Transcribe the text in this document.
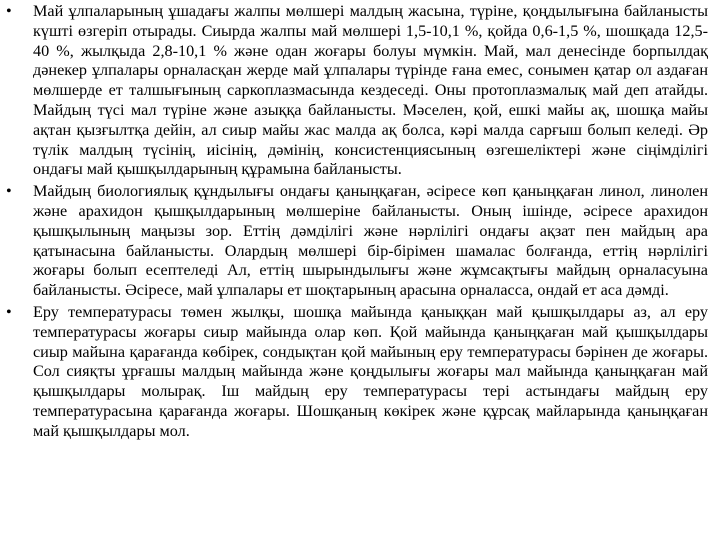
•	Май ұлпаларының ұшадағы жалпы мөлшері малдың жасына, түріне, қоңдылығына байланысты күшті өзгеріп отырады. Сиырда жалпы май мөлшері 1,5-10,1 %, қойда 0,6-1,5 %, шошқада 12,5-40 %, жылқыда 2,8-10,1 % және одан жоғары болуы мүмкін. Май, мал денесінде борпылдақ дәнекер ұлпалары орналасқан жерде май ұлпалары түрінде ғана емес, сонымен қатар ол аздаған мөлшерде ет талшығының саркоплазмасында кездеседі. Оны протоплазмалық май деп атайды. Майдың түсі мал түріне және азыққа байланысты. Мәселен, қой, ешкі майы ақ, шошқа майы ақтан қызғылтқа дейін, ал сиыр майы жас малда ақ болса, кәрі малда сарғыш болып келеді. Әр түлік малдың түсінің, иісінің, дәмінің, консистенциясының өзгешеліктері және сіңімділігі ондағы май қышқылдарының құрамына байланысты.

•	Майдың биологиялық құндылығы ондағы қаныңқаған, әсіресе көп қаныңқаған линол, линолен және арахидон қышқылдарының мөлшеріне байланысты. Оның ішінде, әсіресе арахидон қышқылының маңызы зор. Еттің дәмділігі және нәрлілігі ондағы ақзат пен майдың ара қатынасына байланысты. Олардың мөлшері бір-бірімен шамалас болғанда, еттің нәрлілігі жоғары болып есептеледі Ал, еттің шырындылығы және жұмсақтығы майдың орналасуына байланысты. Әсіресе, май ұлпалары ет шоқтарының арасына орналасса, ондай ет аса дәмді.

•	Еру температурасы төмен жылқы, шошқа майында қаныққан май қышқылдары аз, ал еру температурасы жоғары сиыр майында олар көп. Қой майында қаныңқаған май қышқылдары сиыр майына қарағанда көбірек, сондықтан қой майының еру температурасы бәрінен де жоғары. Сол сияқты ұрғашы малдың майында және қоңдылығы жоғары мал майында қаныңқаған май қышқылдары молырақ. Іш майдың еру температурасы тері астындағы майдың еру температурасына қарағанда жоғары. Шошқаның көкірек және құрсақ майларында қаныңқаған май қышқылдары мол.
